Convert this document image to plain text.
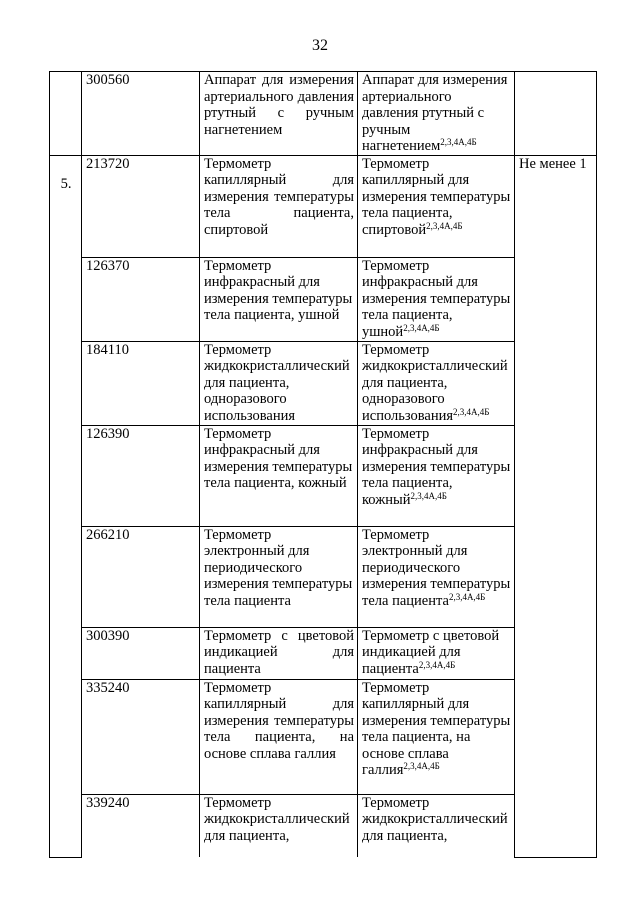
32
	300560	Аппарат для измерения артериального давления ртутный с ручным нагнетением	Аппарат для измерения артериального давления ртутный с ручным нагнетением$^{2,3,4А,4Б}$	
5.	213720	Термометр капиллярный для измерения температуры тела пациента, спиртовой	Термометр капиллярный для измерения температуры тела пациента, спиртовой$^{2,3,4А,4Б}$	Не менее 1
	126370	Термометр инфракрасный для измерения температуры тела пациента, ушной	Термометр инфракрасный для измерения температуры тела пациента, ушной$^{2,3,4А,4Б}$
	184110	Термометр жидкокристаллический для пациента, одноразового использования	Термометр жидкокристаллический для пациента, одноразового использования$^{2,3,4А,4Б}$
	126390	Термометр инфракрасный для измерения температуры тела пациента, кожный	Термометр инфракрасный для измерения температуры тела пациента, кожный$^{2,3,4А,4Б}$
	266210	Термометр электронный для периодического измерения температуры тела пациента	Термометр электронный для периодического измерения температуры тела пациента$^{2,3,4А,4Б}$
	300390	Термометр с цветовой индикацией для пациента	Термометр с цветовой индикацией для пациента$^{2,3,4А,4Б}$
	335240	Термометр капиллярный для измерения температуры тела пациента, на основе сплава галлия	Термометр капиллярный для измерения температуры тела пациента, на основе сплава галлия$^{2,3,4А,4Б}$
	339240	Термометр жидкокристаллический для пациента,	Термометр жидкокристаллический для пациента,	
